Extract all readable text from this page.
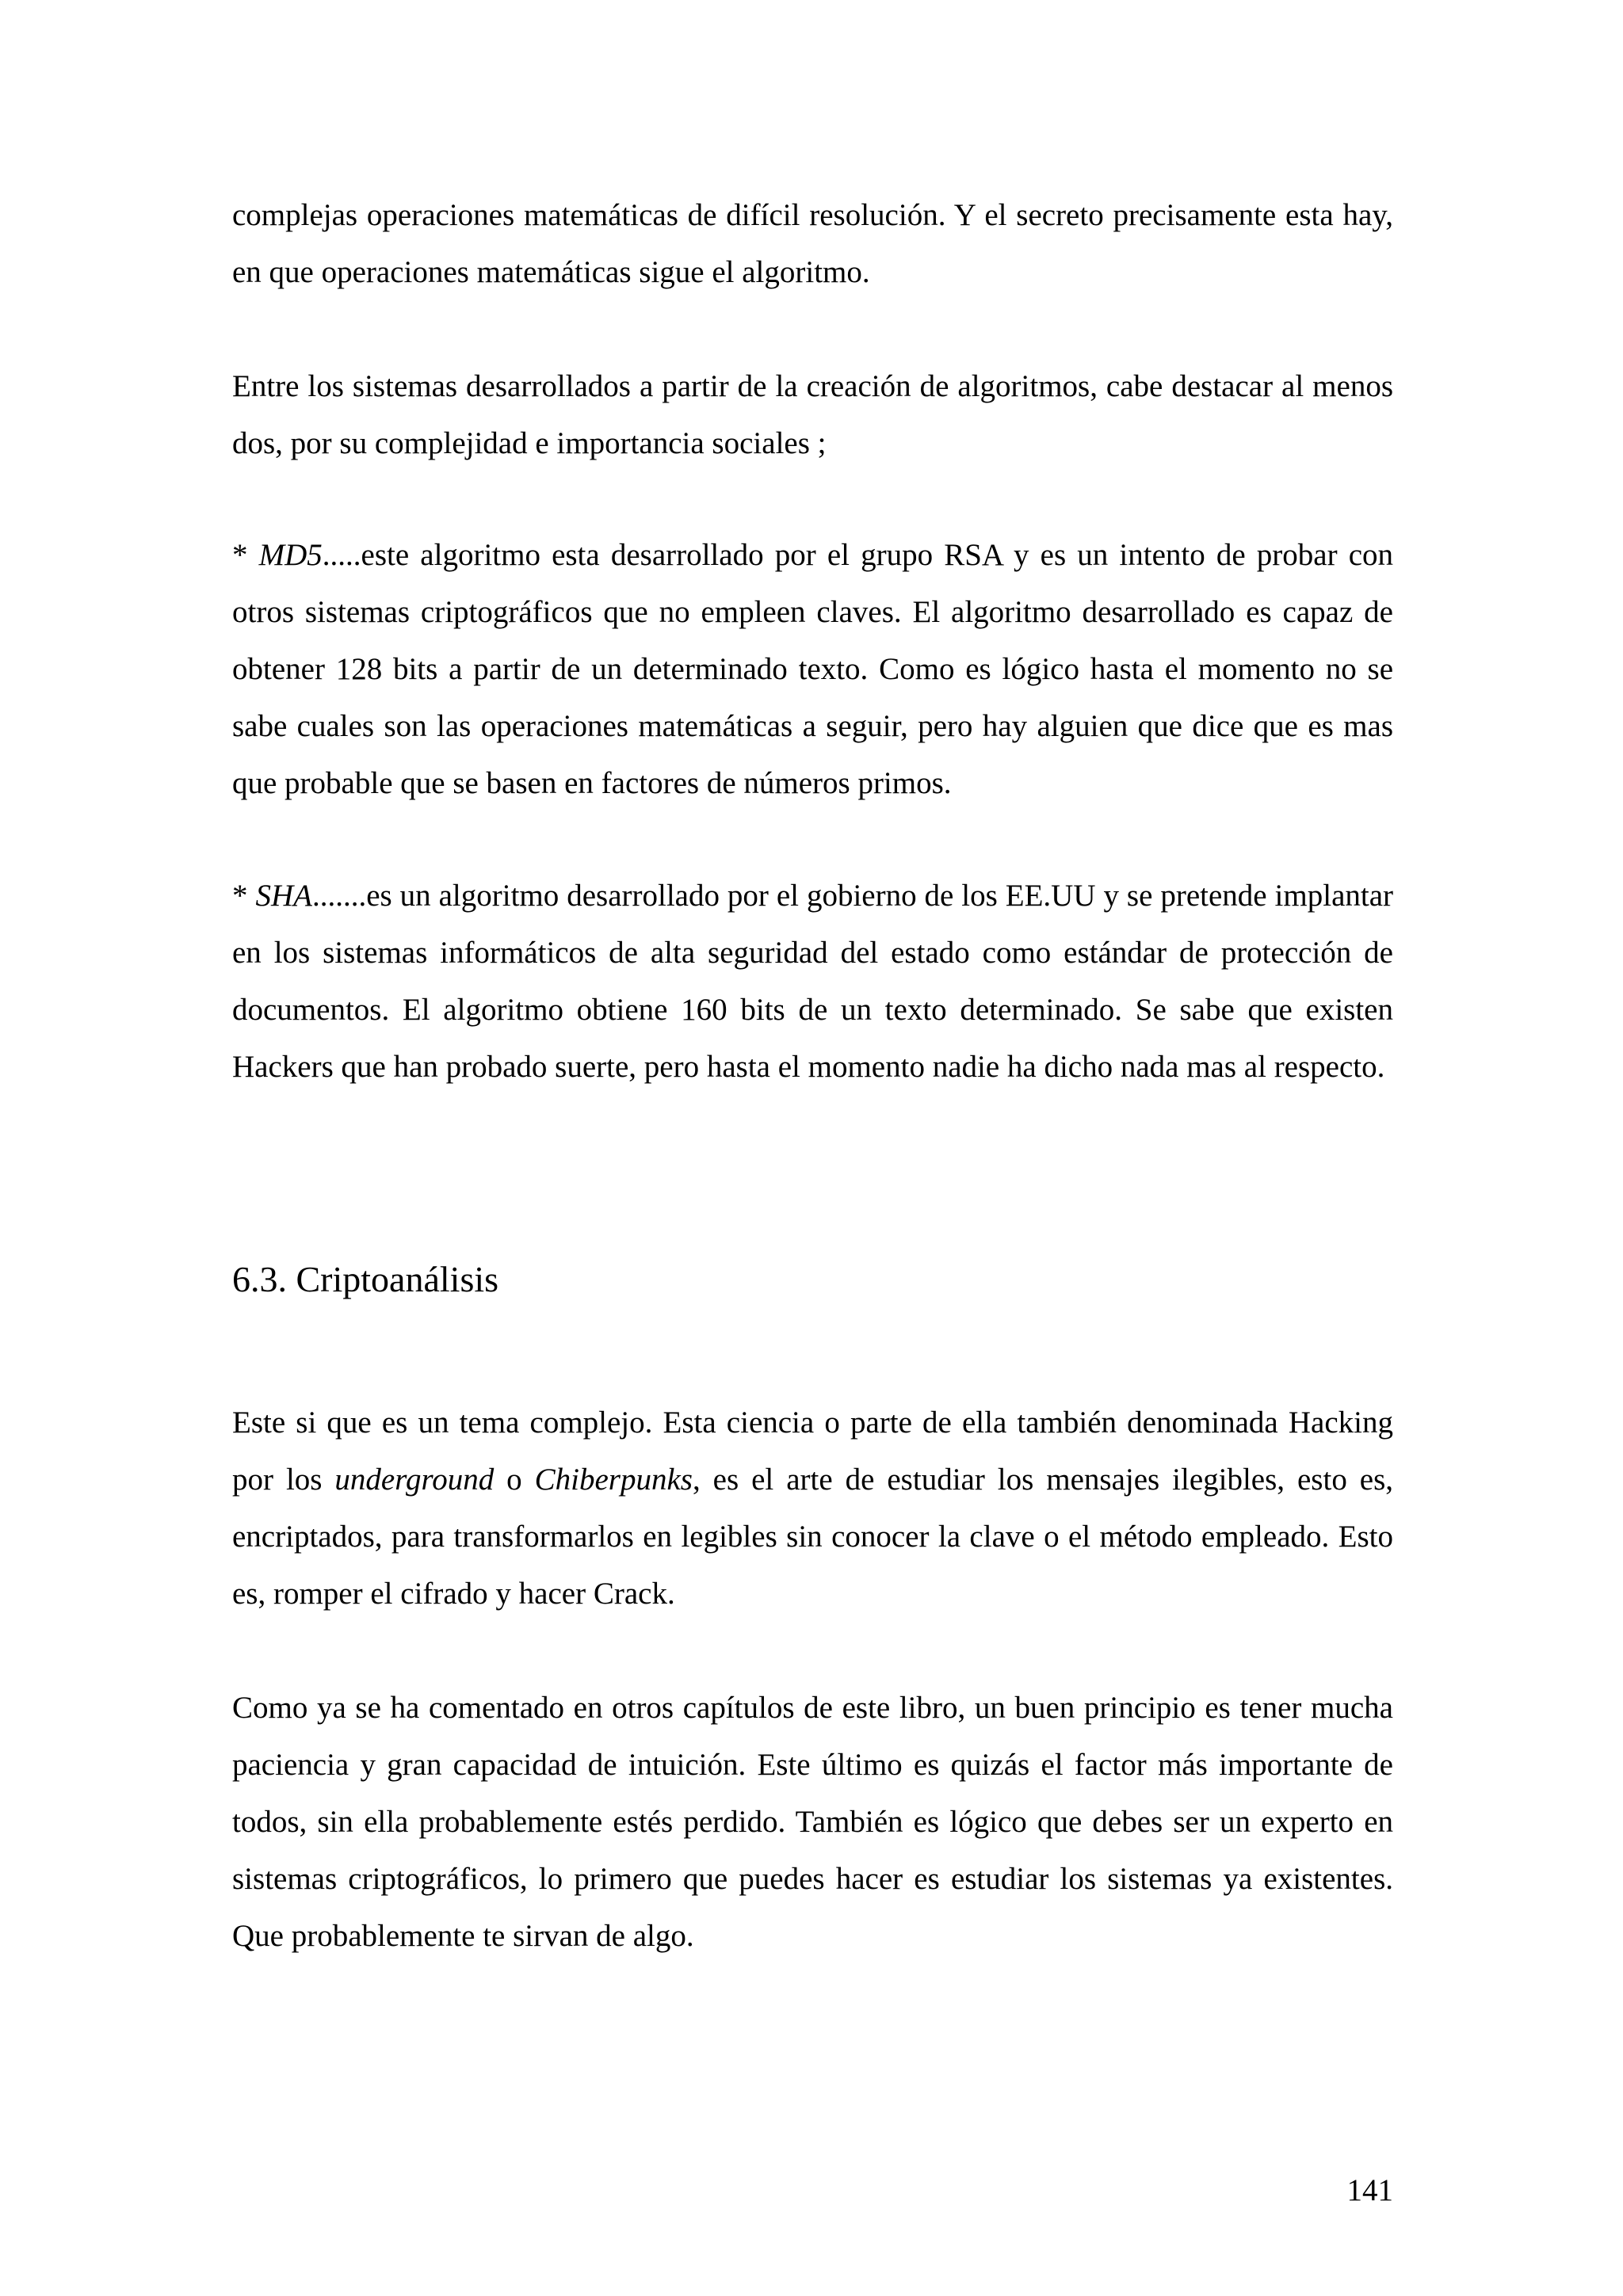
complejas operaciones matemáticas de difícil resolución. Y el secreto precisamente esta hay, en que operaciones matemáticas sigue el algoritmo.

Entre los sistemas desarrollados a partir de la creación de algoritmos, cabe destacar al menos dos, por su complejidad e importancia sociales ;

* MD5.....este algoritmo esta desarrollado por el grupo RSA y es un intento de probar con otros sistemas criptográficos que no empleen claves. El algoritmo desarrollado es capaz de obtener 128 bits a partir de un determinado texto. Como es lógico hasta el momento no se sabe cuales son las operaciones matemáticas a seguir, pero hay alguien que dice que es mas que probable que se basen en factores de números primos.

* SHA.......es un algoritmo desarrollado por el gobierno de los EE.UU y se pretende implantar en los sistemas informáticos de alta seguridad del estado como estándar de protección de documentos. El algoritmo obtiene 160 bits de un texto determinado. Se sabe que existen Hackers que han probado suerte, pero hasta el momento nadie ha dicho nada mas al respecto.

6.3. Criptoanálisis

Este si que es un tema complejo. Esta ciencia o parte de ella también denominada Hacking por los underground o Chiberpunks, es el arte de estudiar los mensajes ilegibles, esto es, encriptados, para transformarlos en legibles sin conocer la clave o el método empleado. Esto es, romper el cifrado y hacer Crack.

Como ya se ha comentado en otros capítulos de este libro, un buen principio es tener mucha paciencia y gran capacidad de intuición. Este último es quizás el factor más importante de todos, sin ella probablemente estés perdido. También es lógico que debes ser un experto en sistemas criptográficos, lo primero que puedes hacer es estudiar los sistemas ya existentes. Que probablemente te sirvan de algo.

141
